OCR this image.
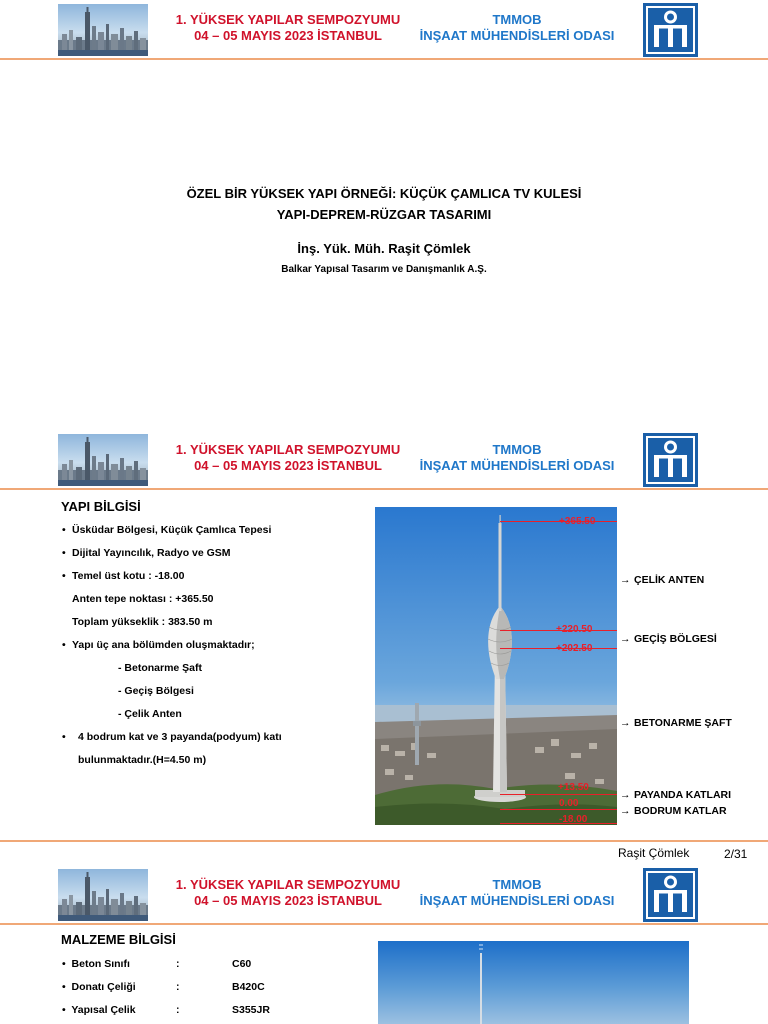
1. YÜKSEK YAPILAR SEMPOZYUMU
04 – 05 MAYIS 2023 İSTANBUL
TMMOB
İNŞAAT MÜHENDİSLERİ ODASI
ÖZEL BİR YÜKSEK YAPI ÖRNEĞİ: KÜÇÜK ÇAMLICA TV KULESİ
YAPI-DEPREM-RÜZGAR TASARIMI
İnş. Yük. Müh. Raşit Çömlek
Balkar Yapısal Tasarım ve Danışmanlık A.Ş.
1. YÜKSEK YAPILAR SEMPOZYUMU
04 – 05 MAYIS 2023 İSTANBUL
TMMOB
İNŞAAT MÜHENDİSLERİ ODASI
YAPI BİLGİSİ
• Üsküdar Bölgesi, Küçük Çamlıca Tepesi
• Dijital Yayıncılık, Radyo ve GSM
• Temel üst kotu : -18.00
Anten tepe noktası : +365.50
Toplam yükseklik : 383.50 m
• Yapı üç ana bölümden oluşmaktadır;
- Betonarme Şaft
- Geçiş Bölgesi
- Çelik Anten
• 4 bodrum kat ve 3 payanda(podyum) katı
bulunmaktadır.(H=4.50 m)
+365.50
+220.50
+202.50
+13.50
0.00
-18.00
→ ÇELİK ANTEN
→ GEÇİŞ BÖLGESİ
→ BETONARME ŞAFT
→ PAYANDA KATLARI
→ BODRUM KATLAR
Raşit Çömlek	2/31
1. YÜKSEK YAPILAR SEMPOZYUMU
04 – 05 MAYIS 2023 İSTANBUL
TMMOB
İNŞAAT MÜHENDİSLERİ ODASI
MALZEME BİLGİSİ
• Beton Sınıfı	:	C60
• Donatı Çeliği	:	B420C
• Yapısal Çelik	:	S355JR
